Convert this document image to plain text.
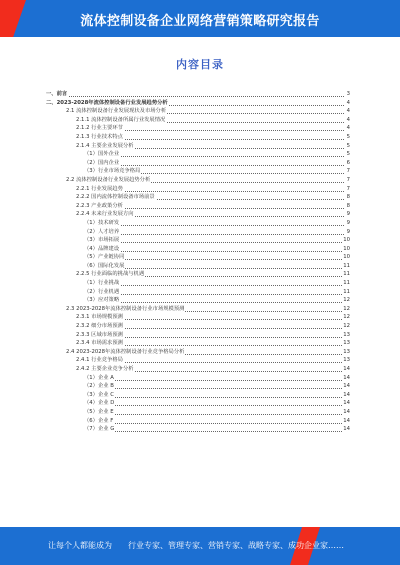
流体控制设备企业网络营销策略研究报告
内容目录
一、前言	3
二、2023-2028年流体控制设备行业发展趋势分析	4
2.1 流体控制设备行业发展现状及市场分析	4
2.1.1 流体控制设备所属行业发展情况	4
2.1.2 行业主要环节	4
2.1.3 行业技术特点	5
2.1.4 主要企业发展分析	5
（1）国外企业	5
（2）国内企业	6
（3）行业市场竞争格局	7
2.2 流体控制设备行业发展趋势分析	7
2.2.1 行业发展趋势	7
2.2.2 国内流体控制设备市场前景	8
2.2.3 产业政策分析	8
2.2.4 未来行业发展方向	9
（1）技术研发	9
（2）人才培养	9
（3）市场拓展	10
（4）品牌建设	10
（5）产业链协同	10
（6）国际化发展	11
2.2.5 行业面临的挑战与机遇	11
（1）行业挑战	11
（2）行业机遇	11
（3）应对策略	12
2.3 2023-2028年流体控制设备行业市场规模预测	12
2.3.1 市场规模预测	12
2.3.2 细分市场预测	12
2.3.3 区域市场预测	13
2.3.4 市场需求预测	13
2.4 2023-2028年流体控制设备行业竞争格局分析	13
2.4.1 行业竞争格局	13
2.4.2 主要企业竞争分析	14
（1）企业 A	14
（2）企业 B	14
（3）企业 C	14
（4）企业 D	14
（5）企业 E	14
（6）企业 F	14
（7）企业 G	14
让每个人都能成为 行业专家、管理专家、营销专家、战略专家、成功企业家……
